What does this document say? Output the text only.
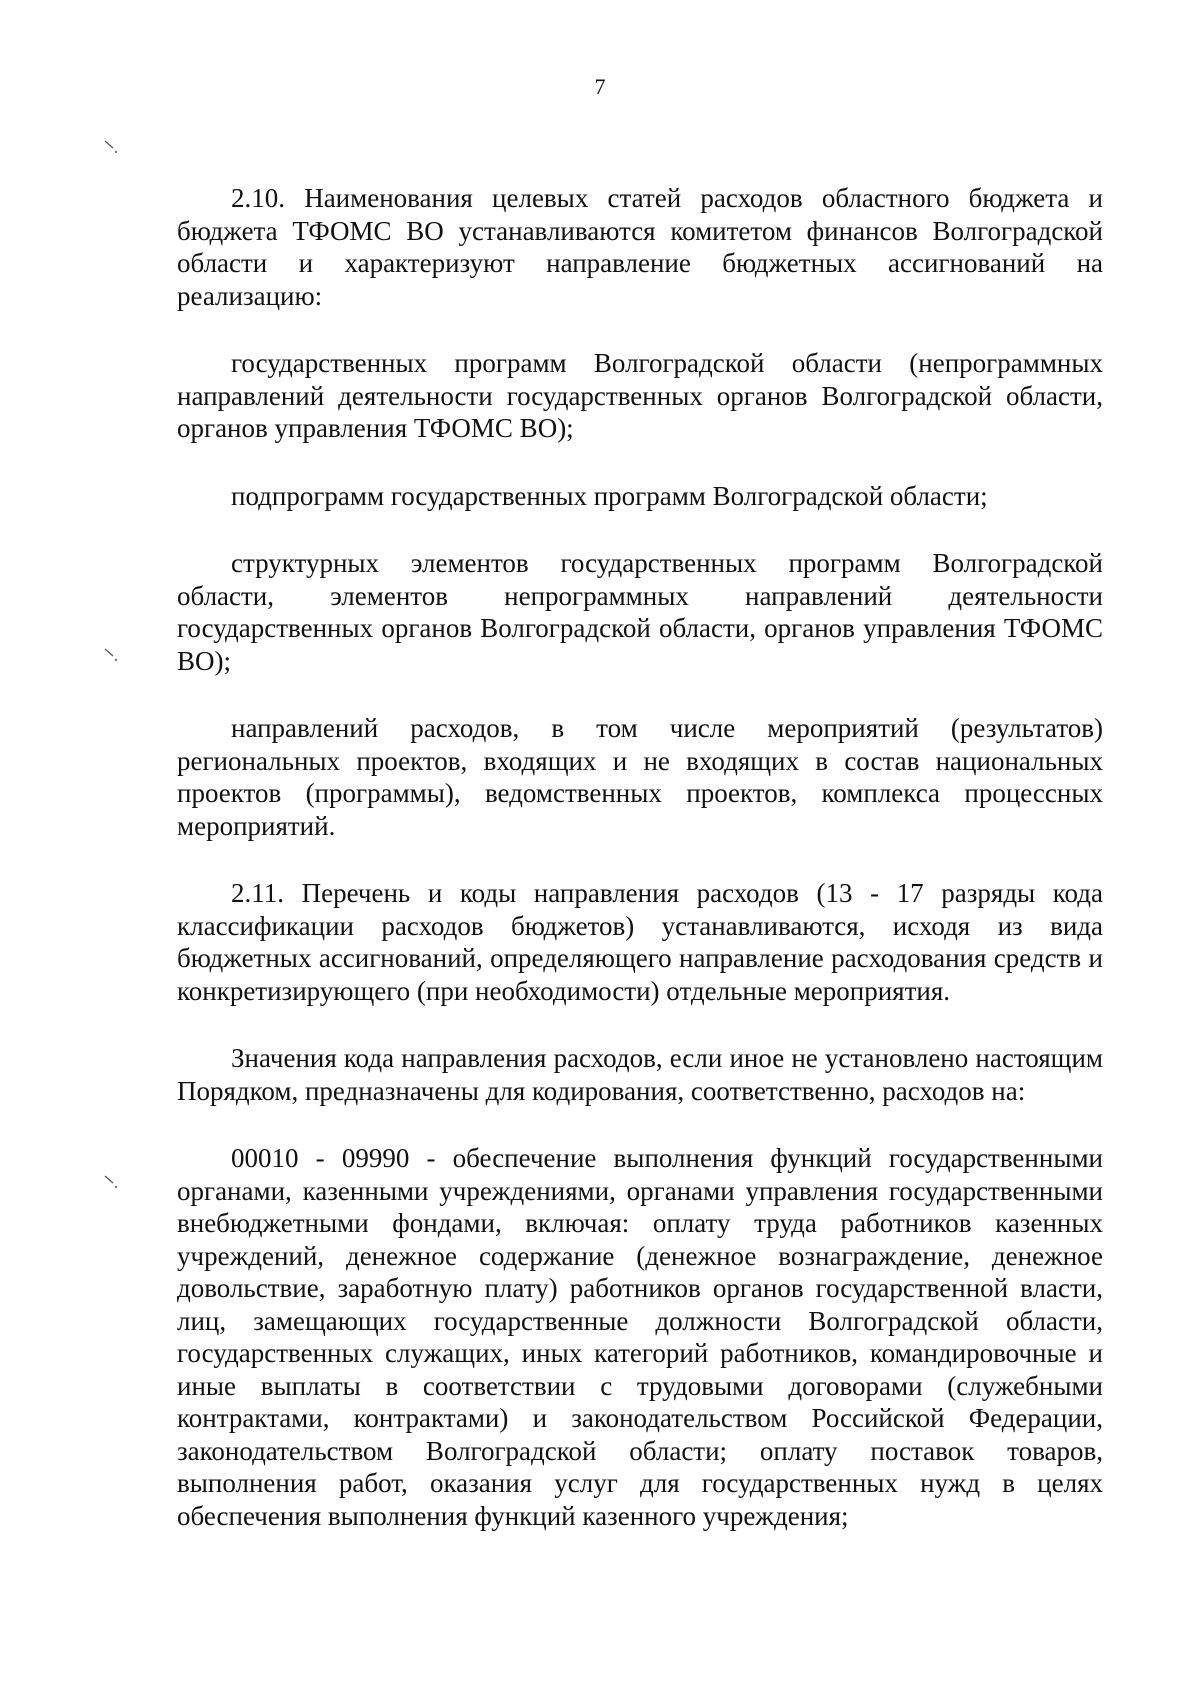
7

2.10. Наименования целевых статей расходов областного бюджета и бюджета ТФОМС ВО устанавливаются комитетом финансов Волгоградской области и характеризуют направление бюджетных ассигнований на реализацию:

государственных программ Волгоградской области (непрограммных направлений деятельности государственных органов Волгоградской области, органов управления ТФОМС ВО);

подпрограмм государственных программ Волгоградской области;

структурных элементов государственных программ Волгоградской области, элементов непрограммных направлений деятельности государственных органов Волгоградской области, органов управления ТФОМС ВО);

направлений расходов, в том числе мероприятий (результатов) региональных проектов, входящих и не входящих в состав национальных проектов (программы), ведомственных проектов, комплекса процессных мероприятий.

2.11. Перечень и коды направления расходов (13 - 17 разряды кода классификации расходов бюджетов) устанавливаются, исходя из вида бюджетных ассигнований, определяющего направление расходования средств и конкретизирующего (при необходимости) отдельные мероприятия.

Значения кода направления расходов, если иное не установлено настоящим Порядком, предназначены для кодирования, соответственно, расходов на:

00010 - 09990 - обеспечение выполнения функций государственными органами, казенными учреждениями, органами управления государственными внебюджетными фондами, включая: оплату труда работников казенных учреждений, денежное содержание (денежное вознаграждение, денежное довольствие, заработную плату) работников органов государственной власти, лиц, замещающих государственные должности Волгоградской области, государственных служащих, иных категорий работников, командировочные и иные выплаты в соответствии с трудовыми договорами (служебными контрактами, контрактами) и законодательством Российской Федерации, законодательством Волгоградской области; оплату поставок товаров, выполнения работ, оказания услуг для государственных нужд в целях обеспечения выполнения функций казенного учреждения;
